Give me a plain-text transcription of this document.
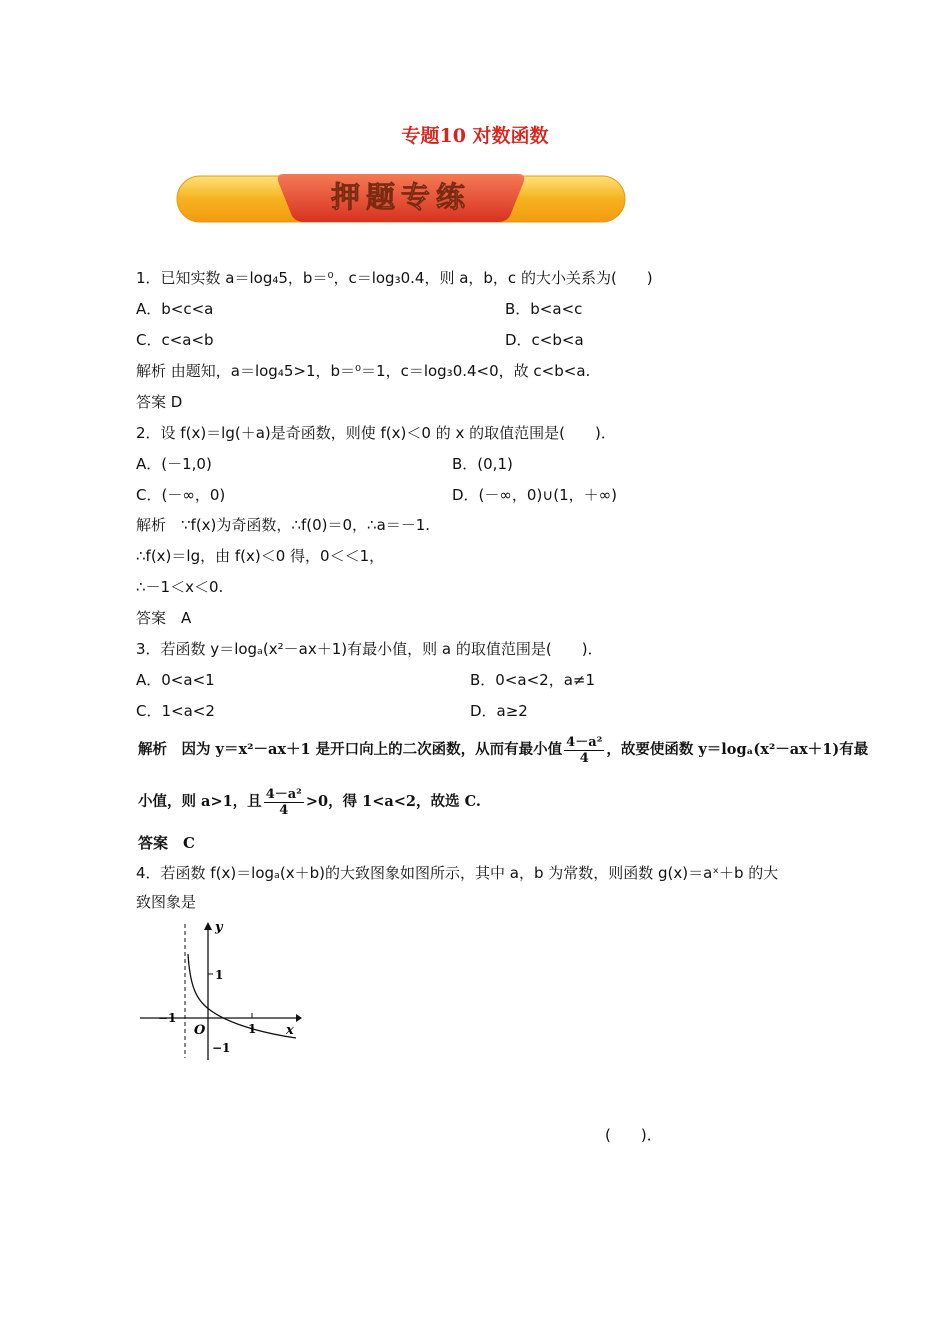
专题10 对数函数
押题专练
1．已知实数 a＝log₄5，b＝⁰，c＝log₃0.4，则 a，b，c 的大小关系为(　　)
A．b<c<a	B．b<a<c
C．c<a<b	D．c<b<a
解析 由题知，a＝log₄5>1，b＝⁰＝1，c＝log₃0.4<0，故 c<b<a.
答案 D
2．设 f(x)＝lg(＋a)是奇函数，则使 f(x)＜0 的 x 的取值范围是(　　)．
A．(－1,0)	B．(0,1)
C．(－∞，0)	D．(－∞，0)∪(1，＋∞)
解析　∵f(x)为奇函数，∴f(0)＝0，∴a＝－1.
∴f(x)＝lg，由 f(x)＜0 得，0＜＜1，
∴－1＜x＜0.
答案　A
3．若函数 y＝logₐ(x²－ax＋1)有最小值，则 a 的取值范围是(　　)．
A．0<a<1	B．0<a<2，a≠1
C．1<a<2	D．a≥2
解析　因为 y＝x²－ax＋1 是开口向上的二次函数，从而有最小值 $\frac{\text{4－a²}}{4}$ ，故要使函数 y＝logₐ(x²－ax＋1)有最
小值，则 a>1，且 $\frac{\text{4－a²}}{4} >0$，得 1<a<2，故选 C.
答案　C
4．若函数 f(x)＝logₐ(x＋b)的大致图象如图所示，其中 a，b 为常数，则函数 g(x)＝aˣ＋b 的大
致图象是
y
x
O
1
−1
1
−1
(　　)．
